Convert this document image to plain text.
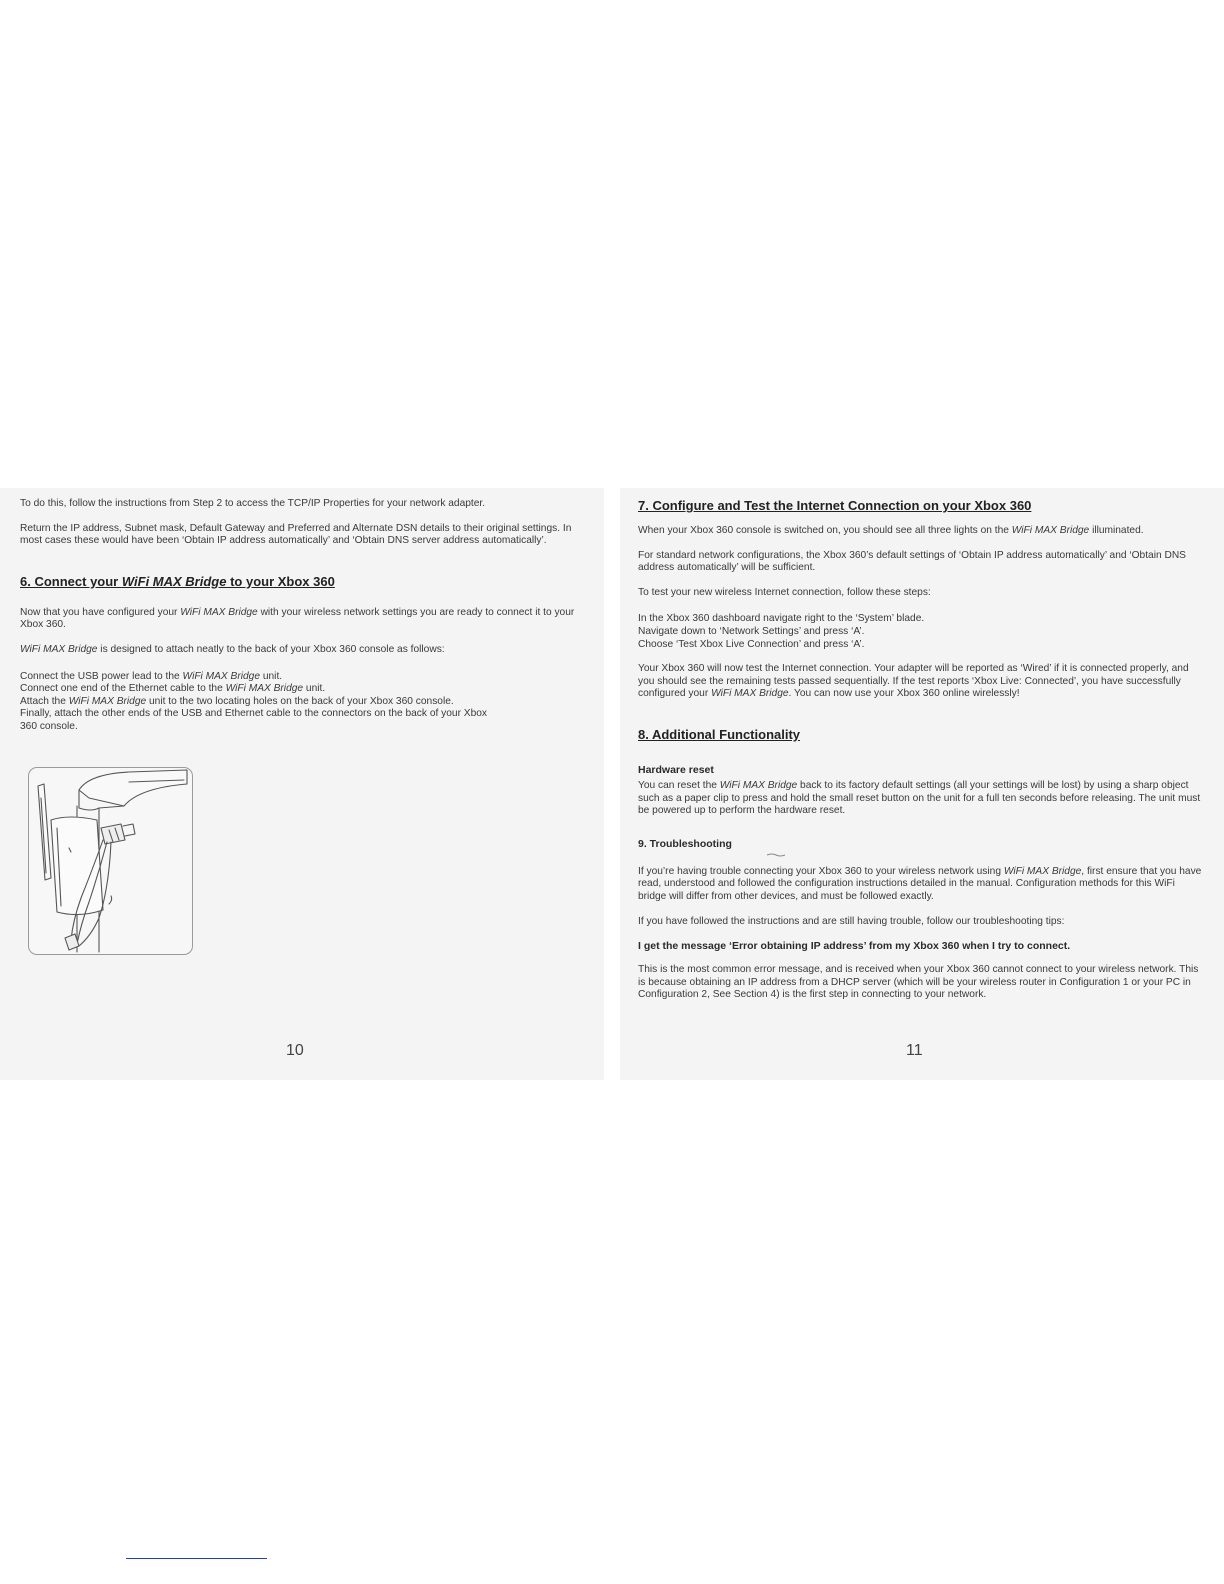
To do this, follow the instructions from Step 2 to access the TCP/IP Properties for your network adapter.

Return the IP address, Subnet mask, Default Gateway and Preferred and Alternate DSN details to their original settings. In most cases these would have been ‘Obtain IP address automatically’ and ‘Obtain DNS server address automatically’.

6. Connect your WiFi MAX Bridge to your Xbox 360

Now that you have configured your WiFi MAX Bridge with your wireless network settings you are ready to connect it to your Xbox 360.

WiFi MAX Bridge is designed to attach neatly to the back of your Xbox 360 console as follows:

Connect the USB power lead to the WiFi MAX Bridge unit.

Connect one end of the Ethernet cable to the WiFi MAX Bridge unit.

Attach the WiFi MAX Bridge unit to the two locating holes on the back of your Xbox 360 console.

Finally, attach the other ends of the USB and Ethernet cable to the connectors on the back of your Xbox 360 console.

10
7. Configure and Test the Internet Connection on your Xbox 360

When your Xbox 360 console is switched on, you should see all three lights on the WiFi MAX Bridge illuminated.

For standard network configurations, the Xbox 360’s default settings of ‘Obtain IP address automatically’ and ‘Obtain DNS address automatically’ will be sufficient.

To test your new wireless Internet connection, follow these steps:

In the Xbox 360 dashboard navigate right to the ‘System’ blade.

Navigate down to ‘Network Settings’ and press ‘A’.

Choose ‘Test Xbox Live Connection’ and press ‘A’.

Your Xbox 360 will now test the Internet connection. Your adapter will be reported as ‘Wired’ if it is connected properly, and you should see the remaining tests passed sequentially. If the test reports ‘Xbox Live: Connected’, you have successfully configured your WiFi MAX Bridge. You can now use your Xbox 360 online wirelessly!

8. Additional Functionality
Hardware reset

You can reset the WiFi MAX Bridge back to its factory default settings (all your settings will be lost) by using a sharp object such as a paper clip to press and hold the small reset button on the unit for a full ten seconds before releasing. The unit must be powered up to perform the hardware reset.

9. Troubleshooting

If you’re having trouble connecting your Xbox 360 to your wireless network using WiFi MAX Bridge, first ensure that you have read, understood and followed the configuration instructions detailed in the manual. Configuration methods for this WiFi bridge will differ from other devices, and must be followed exactly.

If you have followed the instructions and are still having trouble, follow our troubleshooting tips:

I get the message ‘Error obtaining IP address’ from my Xbox 360 when I try to connect.

This is the most common error message, and is received when your Xbox 360 cannot connect to your wireless network. This is because obtaining an IP address from a DHCP server (which will be your wireless router in Configuration 1 or your PC in Configuration 2, See Section 4) is the first step in connecting to your network.

11
